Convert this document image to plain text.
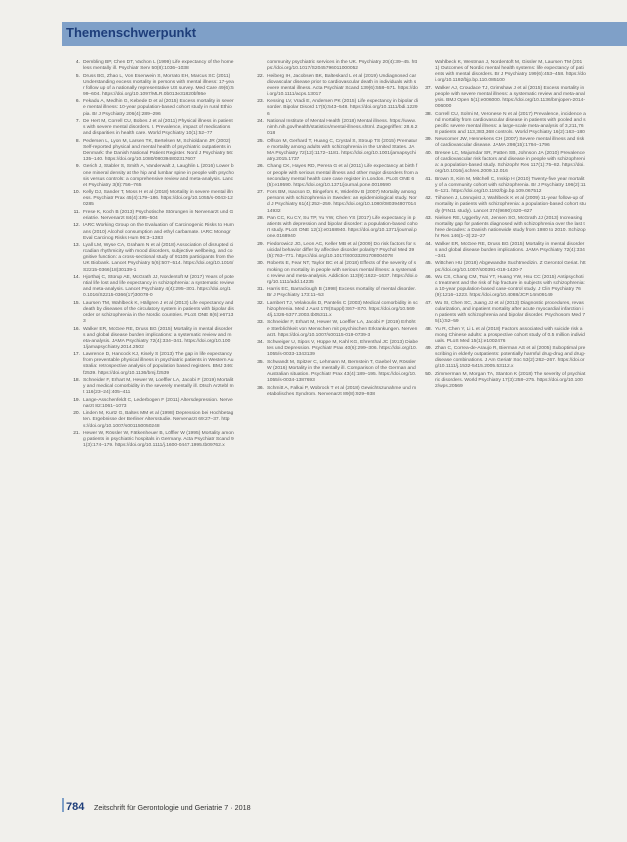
Themenschwerpunkt
4. Dembling BP, Chen DT, Vachon L (1999) Life expectancy of the homeless mentally ill. Psychiatr Serv 50(8):1036–1038
5. Druss BG, Zhao L, Von Esenwein S, Morrato EH, Marcus SC (2011) Understanding excess mortality in persons with mental illness: 17-year follow up of a nationally representative US survey. Med Care 49(6):599–604. https://doi.org/10.1097/MLR.0b013e31820bf86e
6. Fekadu A, Medhin G, Kebede D et al (2015) Excess mortality in severe mental illness: 10-year population-based cohort study in rural Ethiopia. Br J Psychiatry 206(4):289–296
7. De Hert M, Correll CU, Bobes J et al (2011) Physical illness in patients with severe mental disorders. I. Prevalence, impact of medications and disparities in health care. World Psychiatry 10(1):52–77
8. Pedersen L, Lyon M, Larsen TK, Bertelsen M, Schioldann JR (2002) Self-reported physical and mental health of psychiatric outpatients in Denmark: the Danish National Patient Register. Nord J Psychiatry 56:135–140. https://doi.org/10.1080/080394802317607
9. Gerich J, Stabler S, Smith A, Vanderwalt J, Laughlin L (2016) Lower bone mineral density at the hip and lumbar spine in people with psychosis versus controls: a comprehensive review and meta-analysis. Lancet Psychiatry 3(8):756–765
10. Kelly DJ, Sander T, Moss H et al (2018) Mortality in severe mental illness. Psychiatr Prax 45(4):179–186. https://doi.org/10.1055/s-0043-120285
11. Frese K, Koch B (2013) Psychotische Störungen in Nervenarzt und Geriatrie. Nervenarzt 84(4):495–504
12. IARC Working Group on the Evaluation of Carcinogenic Risks to Humans (2010) Alcohol consumption and ethyl carbamate. IARC Monogr Eval Carcinog Risks Hum 96:3–1383
13. Lyall LM, Wyse CA, Graham N et al (2018) Association of disrupted circadian rhythmicity with mood disorders, subjective wellbeing, and cognitive function: a cross-sectional study of 91105 participants from the UK Biobank. Lancet Psychiatry 5(6):507–514. https://doi.org/10.1016/S2215-0366(18)30139-1
14. Hjorthøj C, Stürup AE, McGrath JJ, Nordentoft M (2017) Years of potential life lost and life expectancy in schizophrenia: a systematic review and meta-analysis. Lancet Psychiatry 4(4):295–301. https://doi.org/10.1016/S2215-0366(17)30078-0
15. Laursen TM, Wahlbeck K, Hällgren J et al (2013) Life expectancy and death by diseases of the circulatory system in patients with bipolar disorder or schizophrenia in the Nordic countries. PLoS ONE 8(6):e67133
16. Walker ER, McGee RE, Druss BG (2015) Mortality in mental disorders and global disease burden implications: a systematic review and meta-analysis. JAMA Psychiatry 72(4):334–341. https://doi.org/10.1001/jamapsychiatry.2014.2502
17. Lawrence D, Hancock KJ, Kisely S (2013) The gap in life expectancy from preventable physical illness in psychiatric patients in Western Australia: retrospective analysis of population based registers. BMJ 346:f2539. https://doi.org/10.1136/bmj.f2539
18. Schneider F, Erhart M, Hewer W, Loeffler LA, Jacobi F (2019) Mortality and medical comorbidity in the severely mentally ill. Dtsch Arztebl Int 116(23–24):405–411
19. Lange-Asschenfeldt C, Lederbogen F (2011) Altersdepression. Nervenarzt 82:1061–1073
20. Linden M, Kurtz G, Baltes MM et al (1998) Depression bei Hochbetagten. Ergebnisse der Berliner Altersstudie. Nervenarzt 69:27–37. https://doi.org/10.1007/s001150050248
21. Hewer W, Rössler W, Fätkenheuer B, Löffler W (1995) Mortality among patients in psychiatric hospitals in Germany. Acta Psychiatr Scand 91(3):174–179. https://doi.org/10.1111/j.1600-0447.1995.tb09762.x
community psychiatric services in the UK. Psychiatry 20(4):39–45. https://doi.org/10.1017/S2045796011000052
22. Heiberg IH, Jacobsen BK, Balteskard L et al (2019) Undiagnosed cardiovascular disease prior to cardiovascular death in individuals with severe mental illness. Acta Psychiatr Scand 139(6):558–571. https://doi.org/10.1111/acps.13017
23. Kessing LV, Vradi E, Andersen PK (2015) Life expectancy in bipolar disorder. Bipolar Disord 17(5):543–548. https://doi.org/10.1111/bdi.12296
24. National Institute of Mental Health (2018) Mental illness. https://www.nimh.nih.gov/health/statistics/mental-illness.shtml. Zugegriffen: 28.6.2018
25. Olfson M, Gerhard T, Huang C, Crystal S, Stroup TS (2015) Premature mortality among adults with schizophrenia in the United States. JAMA Psychiatry 72(12):1172–1181. https://doi.org/10.1001/jamapsychiatry.2015.1737
26. Chang CK, Hayes RD, Perera G et al (2011) Life expectancy at birth for people with serious mental illness and other major disorders from a secondary mental health care case register in London. PLoS ONE 6(5):e19590. https://doi.org/10.1371/journal.pone.0019590
27. Fors BM, Isacson D, Bingefors K, Widerlöv B (2007) Mortality among persons with schizophrenia in Sweden: an epidemiological study. Nord J Psychiatry 61(4):252–259. https://doi.org/10.1080/08039480701414932
28. Pan CC, Ku CY, Su TP, Yu YW, Chen YS (2017) Life expectancy in patients with depression and bipolar disorder: a population-based cohort study. PLoS ONE 12(1):e0168940. https://doi.org/10.1371/journal.pone.0168940
29. Fiedorowicz JG, Leon AC, Keller MB et al (2009) Do risk factors for suicidal behavior differ by affective disorder polarity? Psychol Med 39(5):763–771. https://doi.org/10.1017/S0033291708004078
30. Roberts E, Fear NT, Taylor BC et al (2018) Effects of the severity of smoking on mortality in people with serious mental illness: a systematic review and meta-analysis. Addiction 113(9):1622–1637. https://doi.org/10.1111/add.14235
31. Harris EC, Barraclough B (1998) Excess mortality of mental disorder. Br J Psychiatry 173:11–53
32. Lambert TJ, Velakoulis D, Pantelis C (2003) Medical comorbidity in schizophrenia. Med J Aust 178(Suppl):S67–S70. https://doi.org/10.5694/j.1326-5377.2003.tb05311.x
33. Schneider F, Erhart M, Hewer W, Loeffler LA, Jacobi F (2019) Erhöhte Sterblichkeit von Menschen mit psychischen Erkrankungen. Nervenarzt. https://doi.org/10.1007/s00115-019-0739-3
34. Schweiger U, Sipos V, Hüppe M, Kahl KG, Ehrenthal JC (2013) Diabetes und Depression. Psychiatr Prax 40(6):299–306. https://doi.org/10.1055/s-0033-1343139
35. Schwandt M, Spitzer C, Lehmann M, Bernstein T, Gaebel W, Rössler W (2016) Mortality in the mentally ill. Comparison of the German and Australian situation. Psychiatr Prax 43(4):189–195. https://doi.org/10.1055/s-0034-1387693
36. Schmitt A, Falkai P, Wobrock T et al (2018) Gewichtszunahme und metabolisches Syndrom. Nervenarzt 89(8):929–938
Wahlbeck K, Westman J, Nordentoft M, Gissler M, Laursen TM (2011) Outcomes of Nordic mental health systems: life expectancy of patients with mental disorders. Br J Psychiatry 199(6):453–458. https://doi.org/10.1192/bjp.bp.110.085100
37. Walker AJ, Croudace TJ, Grimshaw J et al (2015) Excess mortality in people with severe mental illness: a systematic review and meta-analysis. BMJ Open 5(1):e006000. https://doi.org/10.1136/bmjopen-2014-006000
38. Correll CU, Solmi M, Veronese N et al (2017) Prevalence, incidence and mortality from cardiovascular disease in patients with pooled and specific severe mental illness: a large-scale meta-analysis of 3,211,768 patients and 113,383,368 controls. World Psychiatry 16(2):163–180
39. Newcomer JW, Hennekens CH (2007) Severe mental illness and risk of cardiovascular disease. JAMA 298(15):1794–1796
40. Bresee LC, Majumdar SR, Patten SB, Johnson JA (2010) Prevalence of cardiovascular risk factors and disease in people with schizophrenia: a population-based study. Schizophr Res 117(1):75–82. https://doi.org/10.1016/j.schres.2009.12.016
41. Brown S, Kim M, Mitchell C, Inskip H (2010) Twenty-five year mortality of a community cohort with schizophrenia. Br J Psychiatry 196(2):116–121. https://doi.org/10.1192/bjp.bp.109.067512
42. Tiihonen J, Lönnqvist J, Wahlbeck K et al (2009) 11-year follow-up of mortality in patients with schizophrenia: a population-based cohort study (FIN11 study). Lancet 374(9690):620–627
43. Nielsen RE, Uggerby AS, Jensen SO, McGrath JJ (2013) Increasing mortality gap for patients diagnosed with schizophrenia over the last three decades: a Danish nationwide study from 1980 to 2010. Schizophr Res 146(1–3):22–27
44. Walker ER, McGee RE, Druss BG (2015) Mortality in mental disorders and global disease burden implications. JAMA Psychiatry 72(4):334–341
45. Wittchen HU (2018) Abgewandte Suchtmedizin. Z Gerontol Geriat. https://doi.org/10.1007/s00391-018-1420-7
46. Wu CS, Chang CM, Tsai YT, Huang YW, Hsu CC (2015) Antipsychotic treatment and the risk of hip fracture in subjects with schizophrenia: a 10-year population-based case-control study. J Clin Psychiatry 76(9):1216–1223. https://doi.org/10.4088/JCP.14m09149
47. Wu SI, Chen SC, Juang JJ et al (2013) Diagnostic procedures, revascularization, and inpatient mortality after acute myocardial infarction in patients with schizophrenia and bipolar disorder. Psychosom Med 75(1):52–59
48. Yu R, Chen Y, Li L et al (2018) Factors associated with suicide risk among Chinese adults: a prospective cohort study of 0.5 million individuals. PLoS Med 15(1):e1002476
49. Zhan C, Correa-de-Araujo R, Bierman AS et al (2005) Suboptimal prescribing in elderly outpatients: potentially harmful drug-drug and drug-disease combinations. J Am Geriatr Soc 53(2):262–267. https://doi.org/10.1111/j.1532-5415.2005.53112.x
50. Zimmerman M, Morgan TA, Stanton K (2018) The severity of psychiatric disorders. World Psychiatry 17(3):258–275. https://doi.org/10.1002/wps.20569
784 Zeitschrift für Gerontologie und Geriatrie 7 · 2018
